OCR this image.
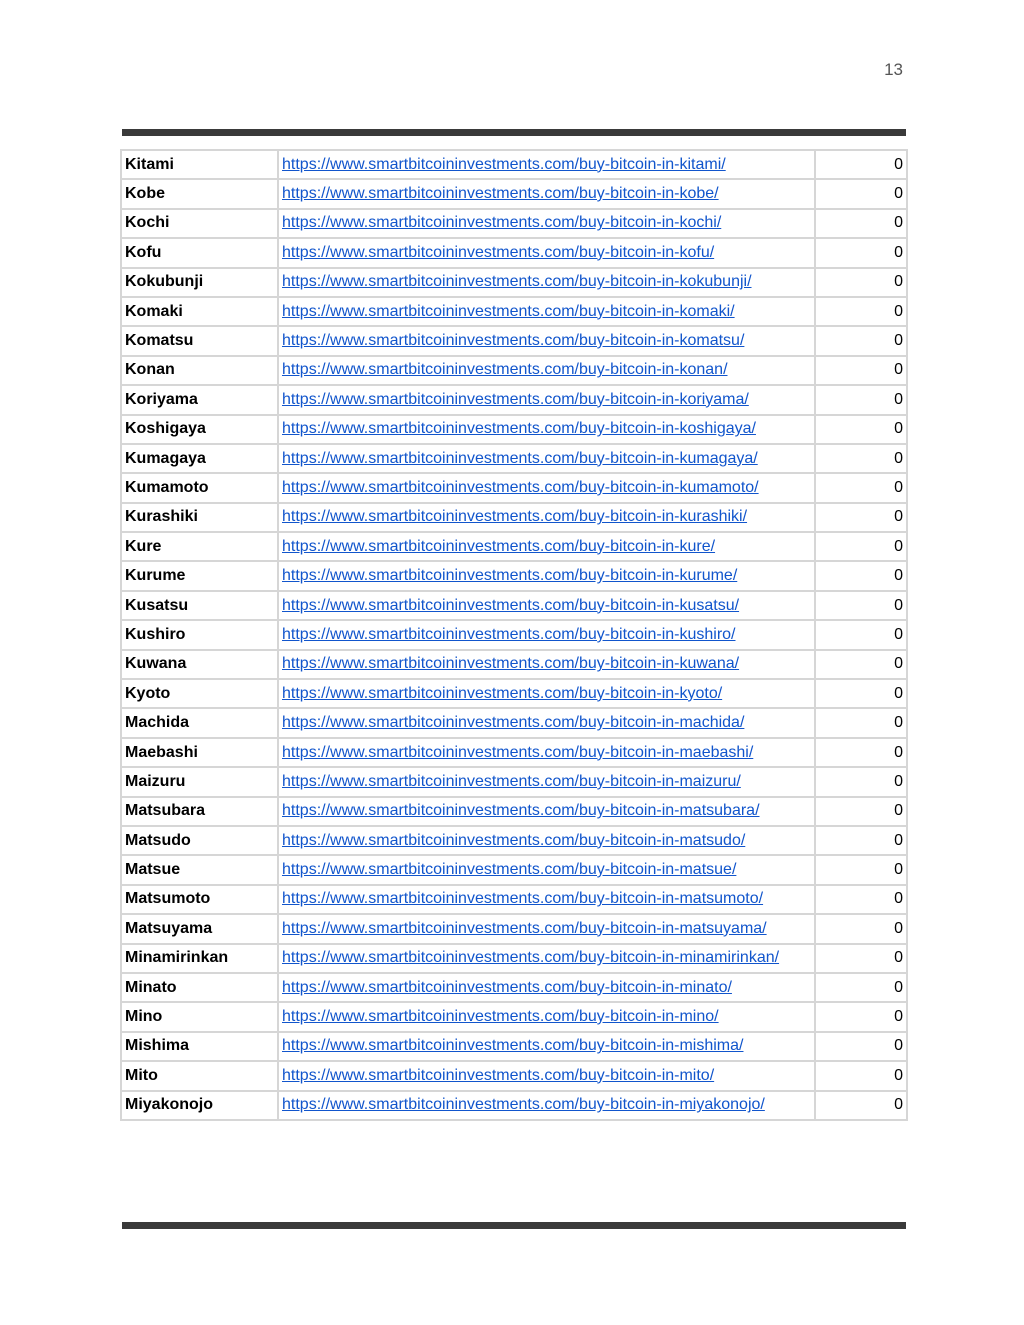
13
Kitami	https://www.smartbitcoininvestments.com/buy-bitcoin-in-kitami/	0
Kobe	https://www.smartbitcoininvestments.com/buy-bitcoin-in-kobe/	0
Kochi	https://www.smartbitcoininvestments.com/buy-bitcoin-in-kochi/	0
Kofu	https://www.smartbitcoininvestments.com/buy-bitcoin-in-kofu/	0
Kokubunji	https://www.smartbitcoininvestments.com/buy-bitcoin-in-kokubunji/	0
Komaki	https://www.smartbitcoininvestments.com/buy-bitcoin-in-komaki/	0
Komatsu	https://www.smartbitcoininvestments.com/buy-bitcoin-in-komatsu/	0
Konan	https://www.smartbitcoininvestments.com/buy-bitcoin-in-konan/	0
Koriyama	https://www.smartbitcoininvestments.com/buy-bitcoin-in-koriyama/	0
Koshigaya	https://www.smartbitcoininvestments.com/buy-bitcoin-in-koshigaya/	0
Kumagaya	https://www.smartbitcoininvestments.com/buy-bitcoin-in-kumagaya/	0
Kumamoto	https://www.smartbitcoininvestments.com/buy-bitcoin-in-kumamoto/	0
Kurashiki	https://www.smartbitcoininvestments.com/buy-bitcoin-in-kurashiki/	0
Kure	https://www.smartbitcoininvestments.com/buy-bitcoin-in-kure/	0
Kurume	https://www.smartbitcoininvestments.com/buy-bitcoin-in-kurume/	0
Kusatsu	https://www.smartbitcoininvestments.com/buy-bitcoin-in-kusatsu/	0
Kushiro	https://www.smartbitcoininvestments.com/buy-bitcoin-in-kushiro/	0
Kuwana	https://www.smartbitcoininvestments.com/buy-bitcoin-in-kuwana/	0
Kyoto	https://www.smartbitcoininvestments.com/buy-bitcoin-in-kyoto/	0
Machida	https://www.smartbitcoininvestments.com/buy-bitcoin-in-machida/	0
Maebashi	https://www.smartbitcoininvestments.com/buy-bitcoin-in-maebashi/	0
Maizuru	https://www.smartbitcoininvestments.com/buy-bitcoin-in-maizuru/	0
Matsubara	https://www.smartbitcoininvestments.com/buy-bitcoin-in-matsubara/	0
Matsudo	https://www.smartbitcoininvestments.com/buy-bitcoin-in-matsudo/	0
Matsue	https://www.smartbitcoininvestments.com/buy-bitcoin-in-matsue/	0
Matsumoto	https://www.smartbitcoininvestments.com/buy-bitcoin-in-matsumoto/	0
Matsuyama	https://www.smartbitcoininvestments.com/buy-bitcoin-in-matsuyama/	0
Minamirinkan	https://www.smartbitcoininvestments.com/buy-bitcoin-in-minamirinkan/	0
Minato	https://www.smartbitcoininvestments.com/buy-bitcoin-in-minato/	0
Mino	https://www.smartbitcoininvestments.com/buy-bitcoin-in-mino/	0
Mishima	https://www.smartbitcoininvestments.com/buy-bitcoin-in-mishima/	0
Mito	https://www.smartbitcoininvestments.com/buy-bitcoin-in-mito/	0
Miyakonojo	https://www.smartbitcoininvestments.com/buy-bitcoin-in-miyakonojo/	0
